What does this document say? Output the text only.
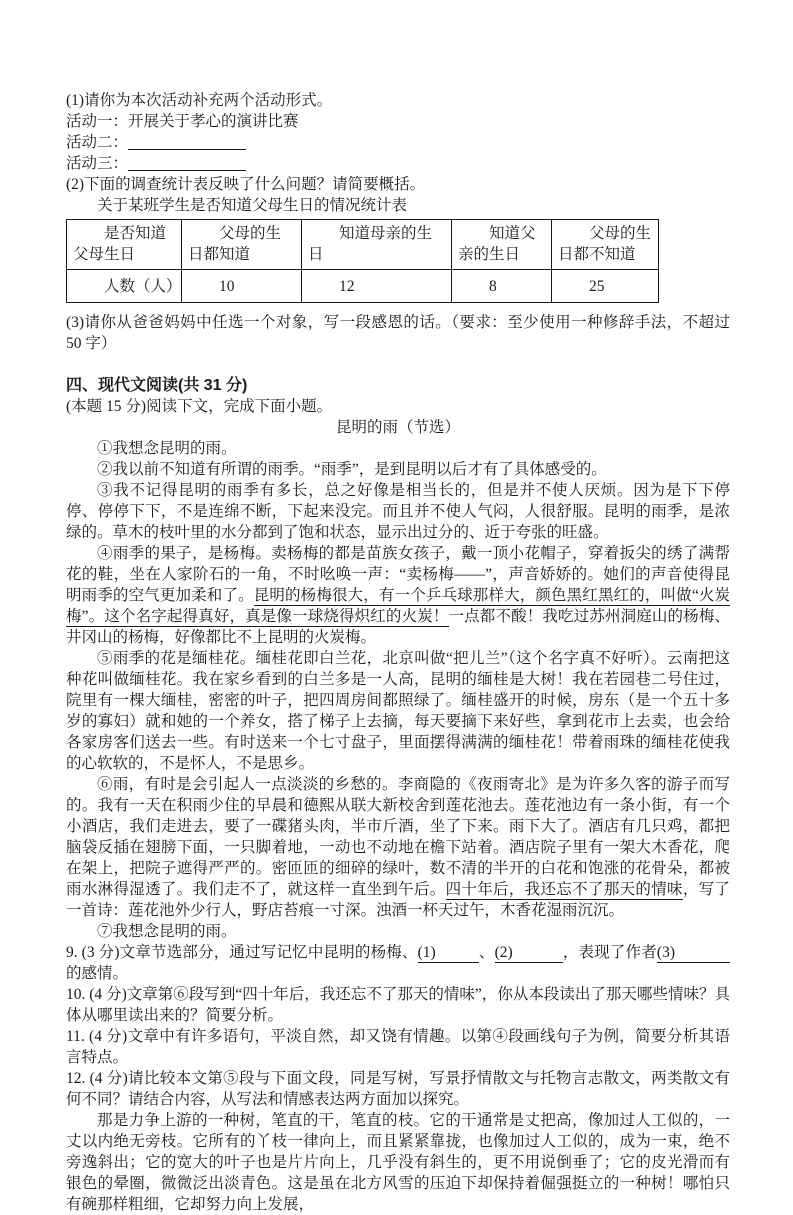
(1)请你为本次活动补充两个活动形式。

活动一：开展关于孝心的演讲比赛

活动二：

活动三：

(2)下面的调查统计表反映了什么问题？请简要概括。

关于某班学生是否知道父母生日的情况统计表

是否知道父母生日	父母的生日都知道	知道母亲的生日	知道父亲的生日	父母的生日都不知道
人数（人）	10	12	8	25

(3)请你从爸爸妈妈中任选一个对象，写一段感恩的话。（要求：至少使用一种修辞手法，不超过 50 字）

四、现代文阅读(共 31 分)

(本题 15 分)阅读下文，完成下面小题。

昆明的雨（节选）

①我想念昆明的雨。

②我以前不知道有所谓的雨季。“雨季”，是到昆明以后才有了具体感受的。

③我不记得昆明的雨季有多长，总之好像是相当长的，但是并不使人厌烦。因为是下下停停、停停下下，不是连绵不断，下起来没完。而且并不使人气闷，人很舒服。昆明的雨季，是浓绿的。草木的枝叶里的水分都到了饱和状态，显示出过分的、近于夸张的旺盛。

④雨季的果子，是杨梅。卖杨梅的都是苗族女孩子，戴一顶小花帽子，穿着扳尖的绣了满帮花的鞋，坐在人家阶石的一角，不时吆唤一声：“卖杨梅——”，声音娇娇的。她们的声音使得昆明雨季的空气更加柔和了。昆明的杨梅很大，有一个乒乓球那样大，颜色黑红黑红的，叫做“火炭梅”。这个名字起得真好，真是像一球烧得炽红的火炭！一点都不酸！我吃过苏州洞庭山的杨梅、井冈山的杨梅，好像都比不上昆明的火炭梅。

⑤雨季的花是缅桂花。缅桂花即白兰花，北京叫做“把儿兰”（这个名字真不好听）。云南把这种花叫做缅桂花。我在家乡看到的白兰多是一人高，昆明的缅桂是大树！我在若园巷二号住过，院里有一棵大缅桂，密密的叶子，把四周房间都照绿了。缅桂盛开的时候，房东（是一个五十多岁的寡妇）就和她的一个养女，搭了梯子上去摘，每天要摘下来好些，拿到花市上去卖，也会给各家房客们送去一些。有时送来一个七寸盘子，里面摆得满满的缅桂花！带着雨珠的缅桂花使我的心软软的，不是怀人，不是思乡。

⑥雨，有时是会引起人一点淡淡的乡愁的。李商隐的《夜雨寄北》是为许多久客的游子而写的。我有一天在积雨少住的早晨和德熙从联大新校舍到莲花池去。莲花池边有一条小街，有一个小酒店，我们走进去，要了一碟猪头肉，半市斤酒，坐了下来。雨下大了。酒店有几只鸡，都把脑袋反插在翅膀下面，一只脚着地，一动也不动地在檐下站着。酒店院子里有一架大木香花，爬在架上，把院子遮得严严的。密匝匝的细碎的绿叶，数不清的半开的白花和饱涨的花骨朵，都被雨水淋得湿透了。我们走不了，就这样一直坐到午后。四十年后，我还忘不了那天的情味，写了一首诗：莲花池外少行人，野店苔痕一寸深。浊酒一杯天过午，木香花湿雨沉沉。

⑦我想念昆明的雨。

9. (3 分)文章节选部分，通过写记忆中昆明的杨梅、(1)	、(2)	，表现了作者(3)的感情。

10. (4 分)文章第⑥段写到“四十年后，我还忘不了那天的情味”，你从本段读出了那天哪些情味？具体从哪里读出来的？简要分析。

11. (4 分)文章中有许多语句，平淡自然，却又饶有情趣。以第④段画线句子为例，简要分析其语言特点。

12. (4 分)请比较本文第⑤段与下面文段，同是写树，写景抒情散文与托物言志散文，两类散文有何不同？请结合内容，从写法和情感表达两方面加以探究。

那是力争上游的一种树，笔直的干，笔直的枝。它的干通常是丈把高，像加过人工似的，一丈以内绝无旁枝。它所有的丫枝一律向上，而且紧紧靠拢，也像加过人工似的，成为一束，绝不旁逸斜出；它的宽大的叶子也是片片向上，几乎没有斜生的，更不用说倒垂了；它的皮光滑而有银色的晕圈，微微泛出淡青色。这是虽在北方风雪的压迫下却保持着倔强挺立的一种树！哪怕只有碗那样粗细，它却努力向上发展，
